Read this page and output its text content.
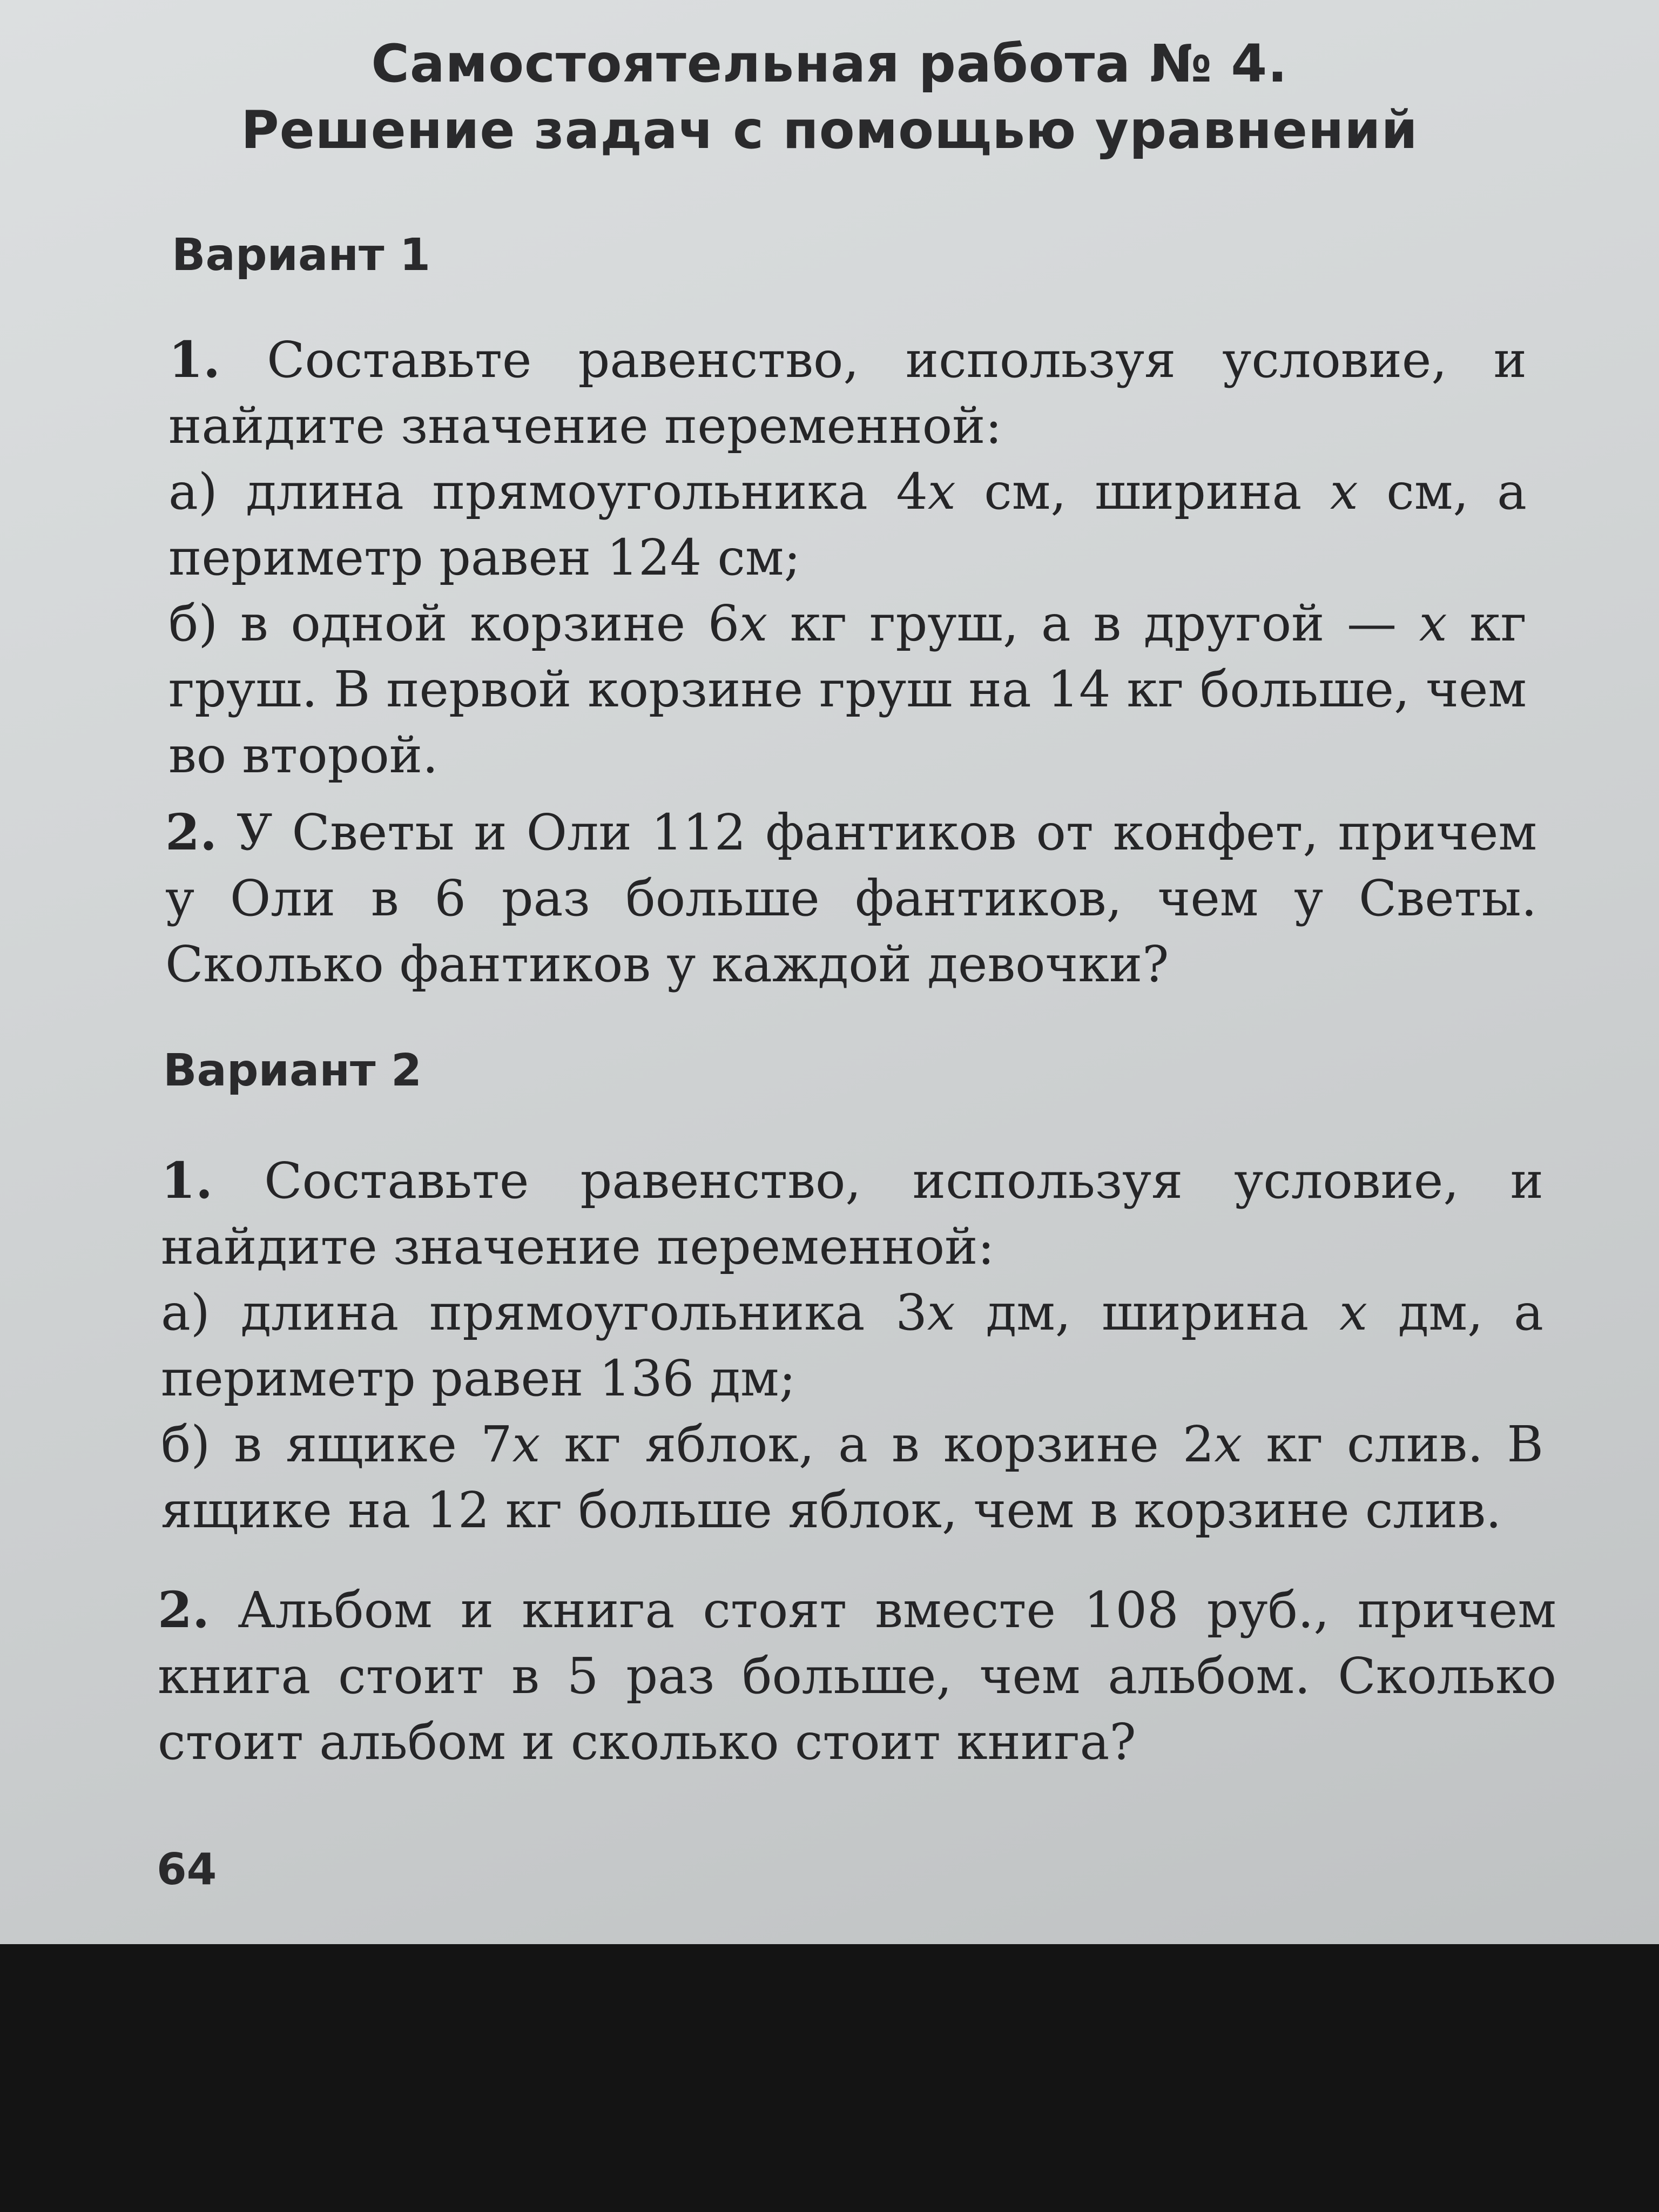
Самостоятельная работа № 4.
Решение задач с помощью уравнений
Вариант 1

1. Составьте равенство, используя условие, и найдите значение переменной:

а) длина прямоугольника 4x см, ширина x см, а периметр равен 124 см;

б) в одной корзине 6x кг груш, а в другой — x кг груш. В первой корзине груш на 14 кг больше, чем во второй.

2. У Светы и Оли 112 фантиков от конфет, причем у Оли в 6 раз больше фантиков, чем у Светы. Сколько фантиков у каждой девочки?

Вариант 2

1. Составьте равенство, используя условие, и найдите значение переменной:

а) длина прямоугольника 3x дм, ширина x дм, а периметр равен 136 дм;

б) в ящике 7x кг яблок, а в корзине 2x кг слив. В ящике на 12 кг больше яблок, чем в корзине слив.

2. Альбом и книга стоят вместе 108 руб., причем книга стоит в 5 раз больше, чем альбом. Сколько стоит альбом и сколько стоит книга?

64
